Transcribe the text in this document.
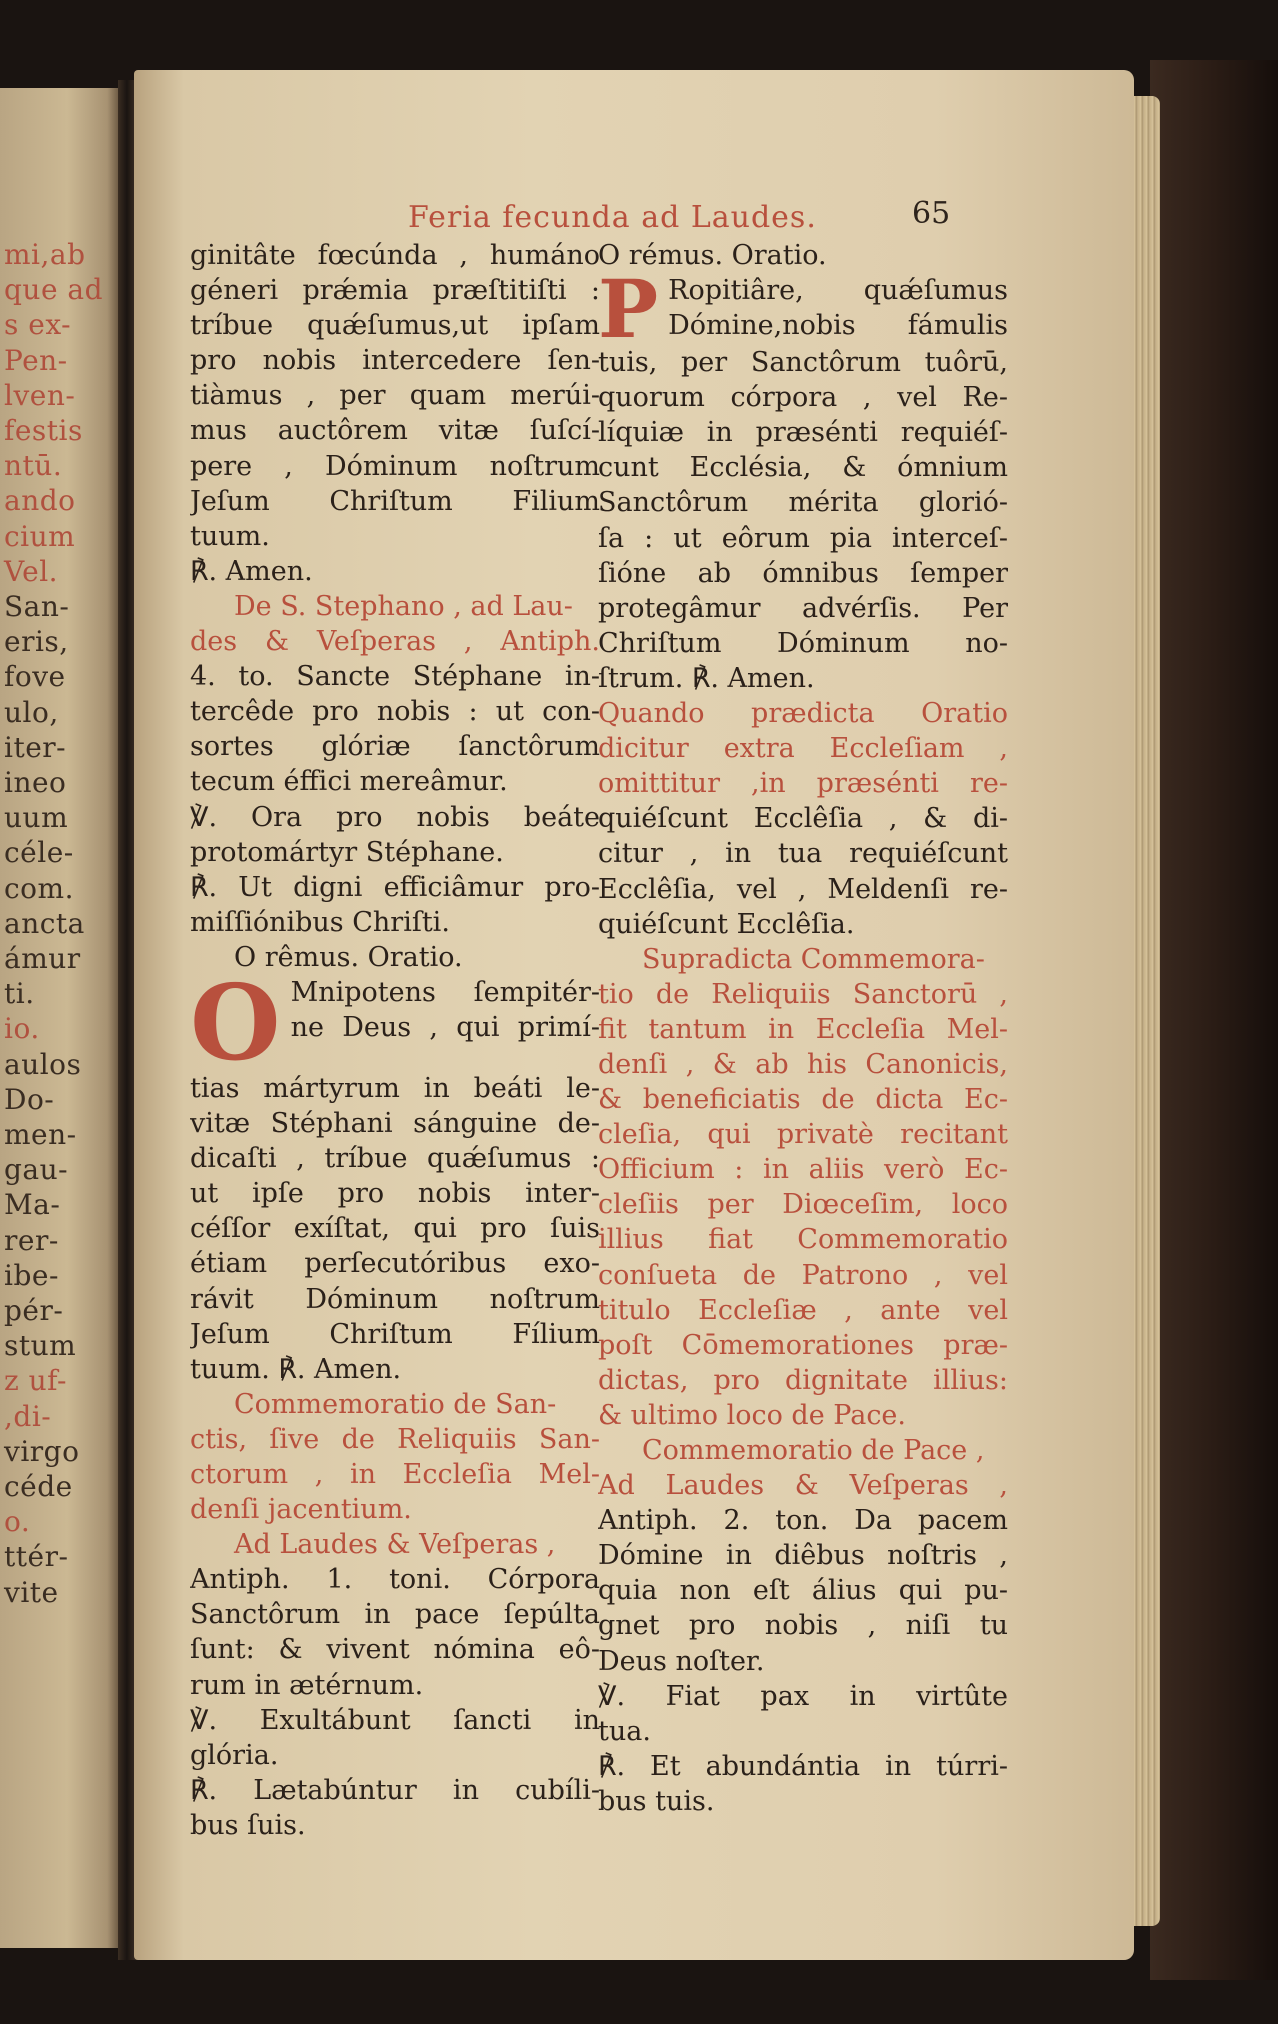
mi,ab
que ad
s ex-
Pen-
lven-
festis
ntū.
ando
cium
Vel.
San-
eris,
fove
ulo,
iter-
ineo
uum
céle-
com.
ancta
ámur
ti.
io.
aulos
Do-
men-
gau-
Ma-
rer-
ibe-
pér-
stum
z uf-
,di-
virgo
céde
o.
ttér-
vite
Feria fecunda ad Laudes.	65
ginitâte fœcúnda , humáno
géneri prǽmia præſtitiſti :
tríbue quǽſumus,ut ipſam
pro nobis intercedere ſen-
tiàmus , per quam merúi-
mus auctôrem vitæ ſuſcí-
pere , Dóminum noſtrum
Jeſum Chriſtum Filium
tuum.
℟. Amen.
De S. Stephano , ad Lau-
des & Veſperas , Antiph.
4. to. Sancte Stéphane in-
tercêde pro nobis : ut con-
sortes glóriæ ſanctôrum
tecum éffici mereâmur.
℣. Ora pro nobis beáte
protomártyr Stéphane.
℟. Ut digni efficiâmur pro-
miſſiónibus Chriſti.
O rêmus. Oratio.
O Mnipotens ſempitér-
ne Deus , qui primí-
tias mártyrum in beáti le-
vitæ Stéphani sánguine de-
dicaſti , tríbue quǽſumus :
ut ipſe pro nobis inter-
céſſor exíſtat, qui pro ſuis
étiam perſecutóribus exo-
rávit Dóminum noſtrum
Jeſum Chriſtum Fílium
tuum. ℟. Amen.
Commemoratio de San-
ctis, ſive de Reliquiis San-
ctorum , in Eccleſia Mel-
denſi jacentium.
Ad Laudes & Veſperas ,
Antiph. 1. toni. Córpora
Sanctôrum in pace ſepúlta
ſunt: & vivent nómina eô-
rum in ætérnum.
℣. Exultábunt ſancti in
glória.
℟. Lætabúntur in cubíli-
bus ſuis.
O rémus. Oratio.
P Ropitiâre, quǽſumus
Dómine,nobis fámulis
tuis, per Sanctôrum tuôrū,
quorum córpora , vel Re-
líquiæ in præsénti requiéſ-
cunt Ecclésia, & ómnium
Sanctôrum mérita glorió-
ſa : ut eôrum pia interceſ-
ſióne ab ómnibus ſemper
protegâmur advérſis. Per
Chriſtum Dóminum no-
ſtrum. ℟. Amen.
Quando prædicta Oratio
dicitur extra Eccleſiam ,
omittitur ,in præsénti re-
quiéſcunt Ecclêſia , & di-
citur , in tua requiéſcunt
Ecclêſia, vel , Meldenſi re-
quiéſcunt Ecclêſia.
Supradicta Commemora-
tio de Reliquiis Sanctorū ,
fit tantum in Eccleſia Mel-
denſi , & ab his Canonicis,
& beneficiatis de dicta Ec-
cleſia, qui privatè recitant
Officium : in aliis verò Ec-
cleſiis per Diœceſim, loco
illius fiat Commemoratio
conſueta de Patrono , vel
titulo Eccleſiæ , ante vel
poſt Cōmemorationes præ-
dictas, pro dignitate illius:
& ultimo loco de Pace.
Commemoratio de Pace ,
Ad Laudes & Veſperas ,
Antiph. 2. ton. Da pacem
Dómine in diêbus noſtris ,
quia non eſt álius qui pu-
gnet pro nobis , niſi tu
Deus noſter.
℣. Fiat pax in virtûte
tua.
℟. Et abundántia in túrri-
bus tuis.
